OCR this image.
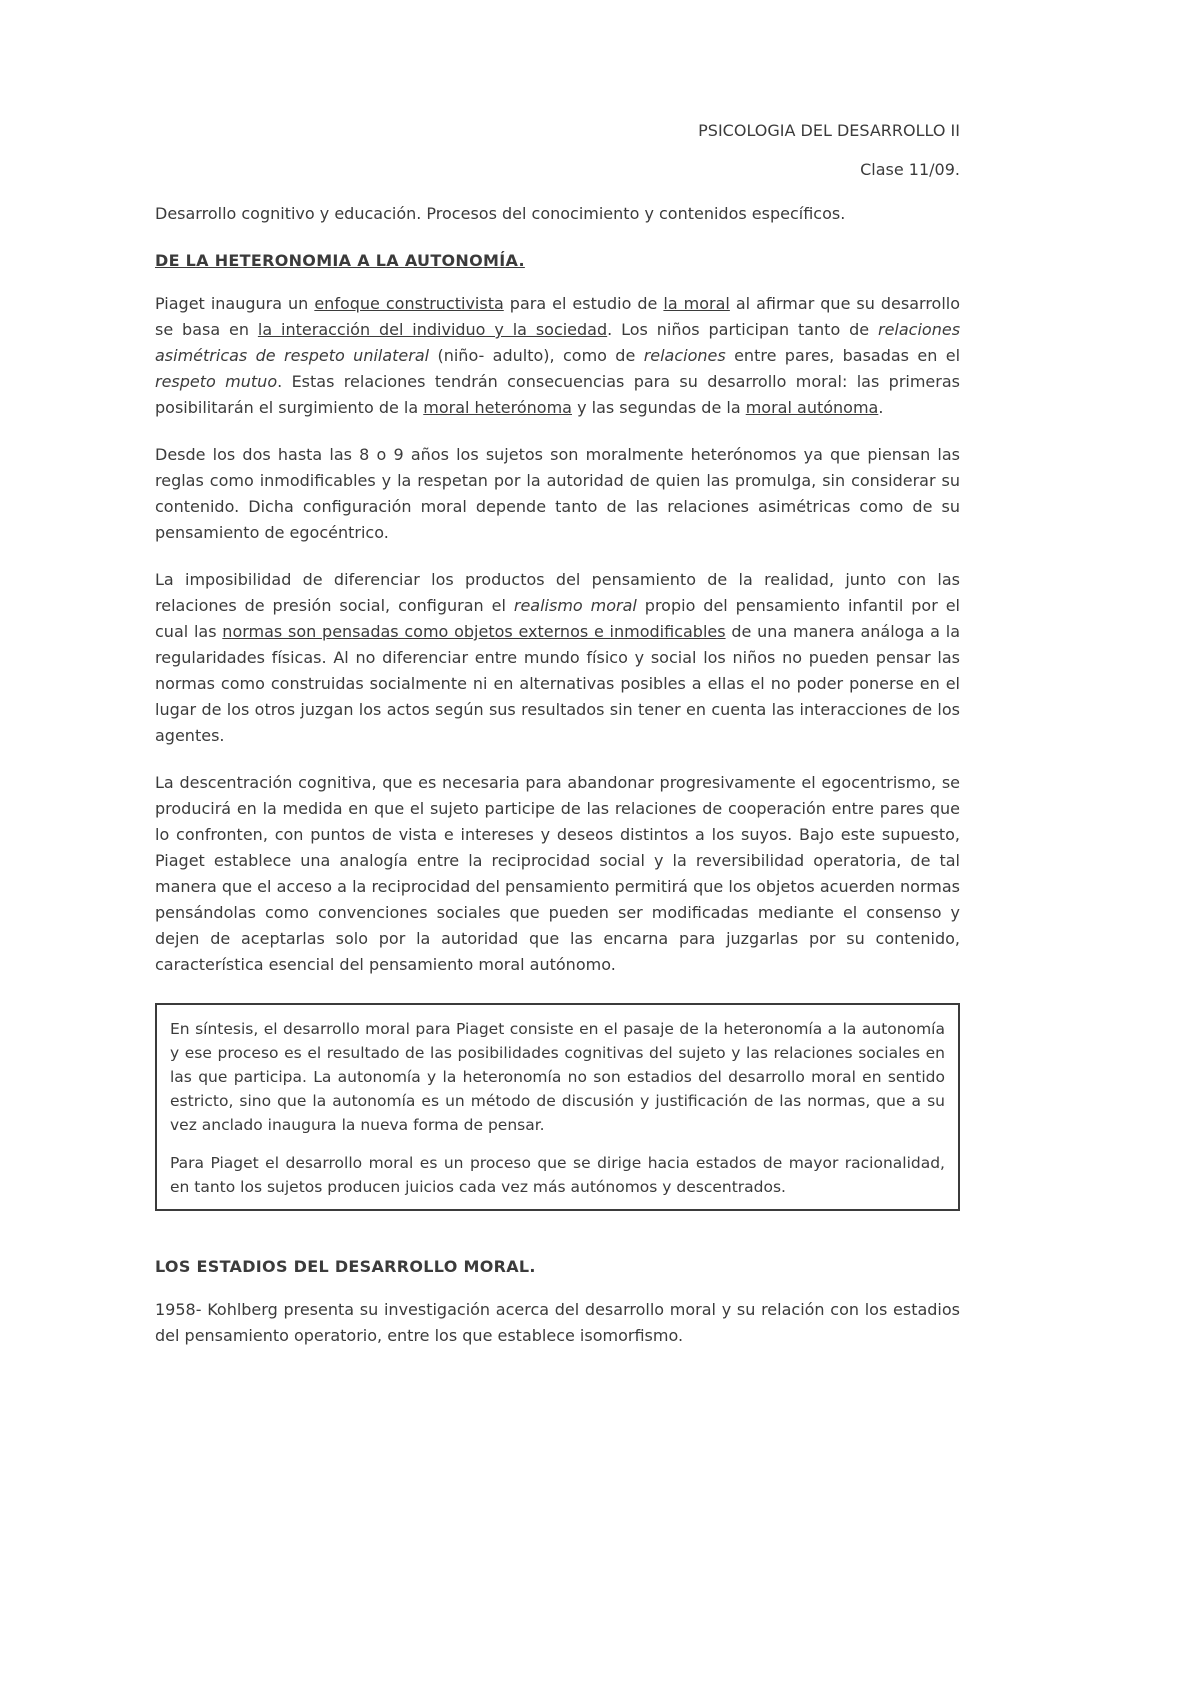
PSICOLOGIA DEL DESARROLLO II

Clase 11/09.

Desarrollo cognitivo y educación. Procesos del conocimiento y contenidos específicos.

DE LA HETERONOMIA A LA AUTONOMÍA.

Piaget inaugura un enfoque constructivista para el estudio de la moral al afirmar que su desarrollo se basa en la interacción del individuo y la sociedad. Los niños participan tanto de relaciones asimétricas de respeto unilateral (niño- adulto), como de relaciones entre pares, basadas en el respeto mutuo. Estas relaciones tendrán consecuencias para su desarrollo moral: las primeras posibilitarán el surgimiento de la moral heterónoma y las segundas de la moral autónoma.

Desde los dos hasta las 8 o 9 años los sujetos son moralmente heterónomos ya que piensan las reglas como inmodificables y la respetan por la autoridad de quien las promulga, sin considerar su contenido. Dicha configuración moral depende tanto de las relaciones asimétricas como de su pensamiento de egocéntrico.

La imposibilidad de diferenciar los productos del pensamiento de la realidad, junto con las relaciones de presión social, configuran el realismo moral propio del pensamiento infantil por el cual las normas son pensadas como objetos externos e inmodificables de una manera análoga a la regularidades físicas. Al no diferenciar entre mundo físico y social los niños no pueden pensar las normas como construidas socialmente ni en alternativas posibles a ellas el no poder ponerse en el lugar de los otros juzgan los actos según sus resultados sin tener en cuenta las interacciones de los agentes.

La descentración cognitiva, que es necesaria para abandonar progresivamente el egocentrismo, se producirá en la medida en que el sujeto participe de las relaciones de cooperación entre pares que lo confronten, con puntos de vista e intereses y deseos distintos a los suyos. Bajo este supuesto, Piaget establece una analogía entre la reciprocidad social y la reversibilidad operatoria, de tal manera que el acceso a la reciprocidad del pensamiento permitirá que los objetos acuerden normas pensándolas como convenciones sociales que pueden ser modificadas mediante el consenso y dejen de aceptarlas solo por la autoridad que las encarna para juzgarlas por su contenido, característica esencial del pensamiento moral autónomo.

En síntesis, el desarrollo moral para Piaget consiste en el pasaje de la heteronomía a la autonomía y ese proceso es el resultado de las posibilidades cognitivas del sujeto y las relaciones sociales en las que participa. La autonomía y la heteronomía no son estadios del desarrollo moral en sentido estricto, sino que la autonomía es un método de discusión y justificación de las normas, que a su vez anclado inaugura la nueva forma de pensar.

Para Piaget el desarrollo moral es un proceso que se dirige hacia estados de mayor racionalidad, en tanto los sujetos producen juicios cada vez más autónomos y descentrados.

LOS ESTADIOS DEL DESARROLLO MORAL.

1958- Kohlberg presenta su investigación acerca del desarrollo moral y su relación con los estadios del pensamiento operatorio, entre los que establece isomorfismo.
